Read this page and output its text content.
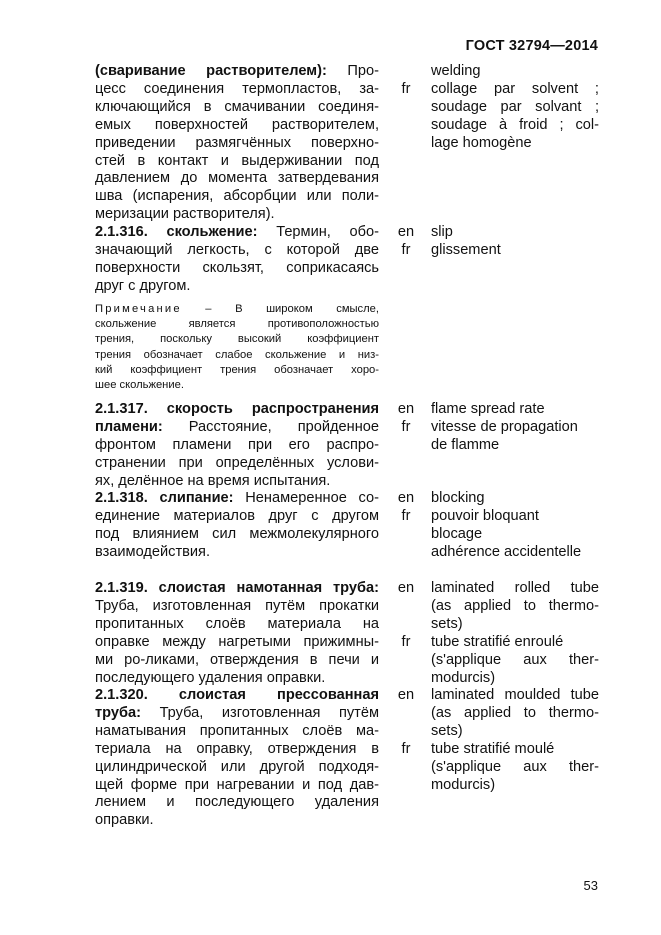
ГОСТ 32794—2014
(сваривание растворителем): Про-
цесс соединения термопластов, за-
ключающийся в смачивании соединя-
емых поверхностей растворителем,
приведении размягчённых поверхно-
стей в контакт и выдерживании под
давлением до момента затвердевания
шва (испарения, абсорбции или поли-
меризации растворителя).

fr
welding
collage par solvent ;
soudage par solvant ;
soudage à froid ; col-
lage homogène
2.1.316. скольжение: Термин, обо-
значающий легкость, с которой две
поверхности скользят, соприкасаясь
друг с другом.
en
fr
slip
glissement
Примечание – В широком смысле,
скольжение является противоположностью
трения, поскольку высокий коэффициент
трения обозначает слабое скольжение и низ-
кий коэффициент трения обозначает хоро-
шее скольжение.
2.1.317. скорость распространения
пламени: Расстояние, пройденное
фронтом пламени при его распро-
странении при определённых услови-
ях, делённое на время испытания.
en
fr
flame spread rate
vitesse de propagation
de flamme
2.1.318. слипание: Ненамеренное со-
единение материалов друг с другом
под влиянием сил межмолекулярного
взаимодействия.
en
fr
blocking
pouvoir bloquant
blocage
adhérence accidentelle
2.1.319. слоистая намотанная труба:
Труба, изготовленная путём прокатки
пропитанных слоёв материала на
оправке между нагретыми прижимны-
ми ро-ликами, отверждения в печи и
последующего удаления оправки.
en

fr
laminated rolled tube
(as applied to thermo-
sets)
tube stratifié enroulé
(s'applique aux ther-
modurcis)
2.1.320. слоистая прессованная
труба: Труба, изготовленная путём
наматывания пропитанных слоёв ма-
териала на оправку, отверждения в
цилиндрической или другой подходя-
щей форме при нагревании и под дав-
лением и последующего удаления
оправки.
en

fr
laminated moulded tube
(as applied to thermo-
sets)
tube stratifié moulé
(s'applique aux ther-
modurcis)
53
